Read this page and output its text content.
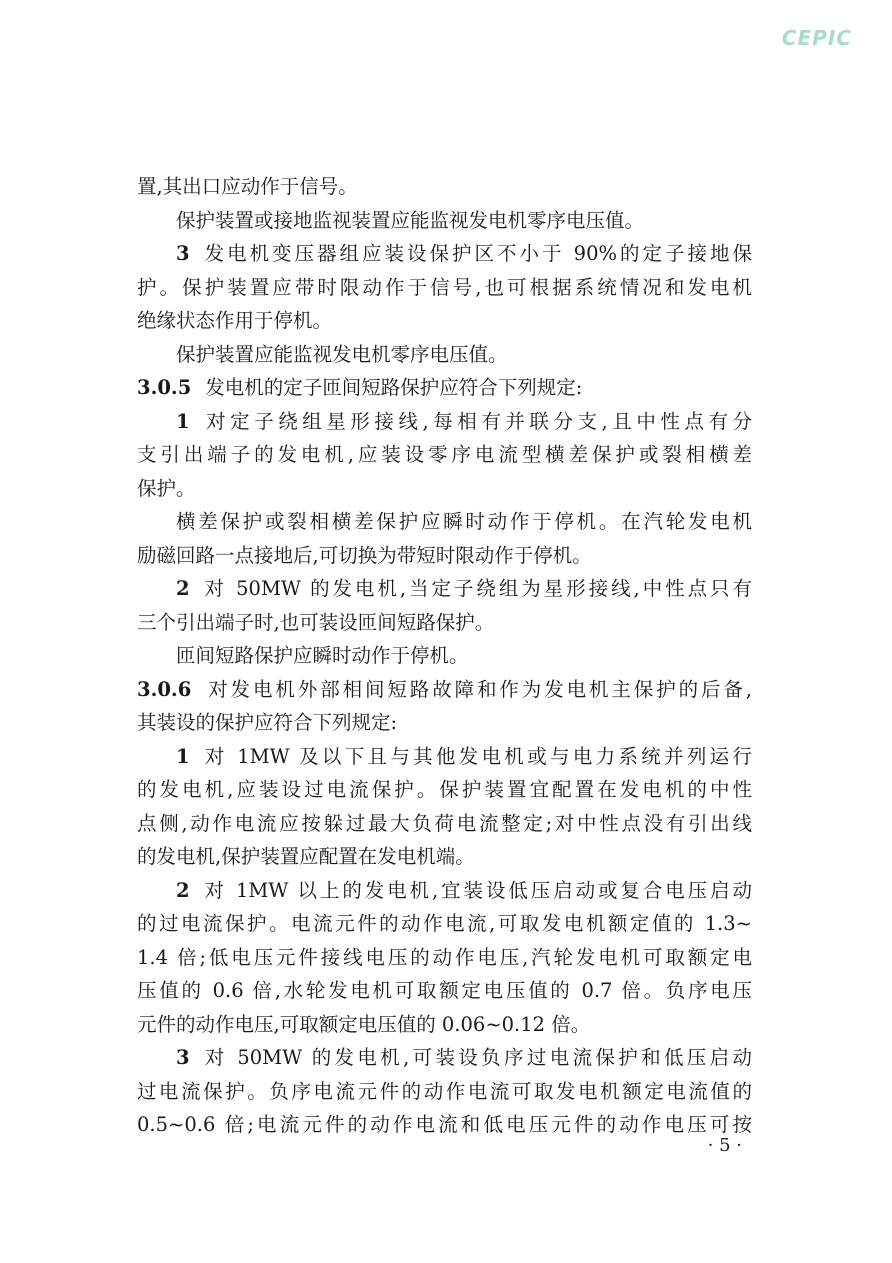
CEPIC

置,其出口应动作于信号。

保护装置或接地监视装置应能监视发电机零序电压值。

3 发电机变压器组应装设保护区不小于 90%的定子接地保

护。保护装置应带时限动作于信号,也可根据系统情况和发电机

绝缘状态作用于停机。

保护装置应能监视发电机零序电压值。

3.0.5 发电机的定子匝间短路保护应符合下列规定:

1 对定子绕组星形接线,每相有并联分支,且中性点有分

支引出端子的发电机,应装设零序电流型横差保护或裂相横差

保护。

横差保护或裂相横差保护应瞬时动作于停机。在汽轮发电机

励磁回路一点接地后,可切换为带短时限动作于停机。

2 对 50MW 的发电机,当定子绕组为星形接线,中性点只有

三个引出端子时,也可装设匝间短路保护。

匝间短路保护应瞬时动作于停机。

3.0.6 对发电机外部相间短路故障和作为发电机主保护的后备,

其装设的保护应符合下列规定:

1 对 1MW 及以下且与其他发电机或与电力系统并列运行

的发电机,应装设过电流保护。保护装置宜配置在发电机的中性

点侧,动作电流应按躲过最大负荷电流整定;对中性点没有引出线

的发电机,保护装置应配置在发电机端。

2 对 1MW 以上的发电机,宜装设低压启动或复合电压启动

的过电流保护。电流元件的动作电流,可取发电机额定值的 1.3~

1.4 倍;低电压元件接线电压的动作电压,汽轮发电机可取额定电

压值的 0.6 倍,水轮发电机可取额定电压值的 0.7 倍。负序电压

元件的动作电压,可取额定电压值的 0.06~0.12 倍。

3 对 50MW 的发电机,可装设负序过电流保护和低压启动

过电流保护。负序电流元件的动作电流可取发电机额定电流值的

0.5~0.6 倍;电流元件的动作电流和低电压元件的动作电压可按

· 5 ·
